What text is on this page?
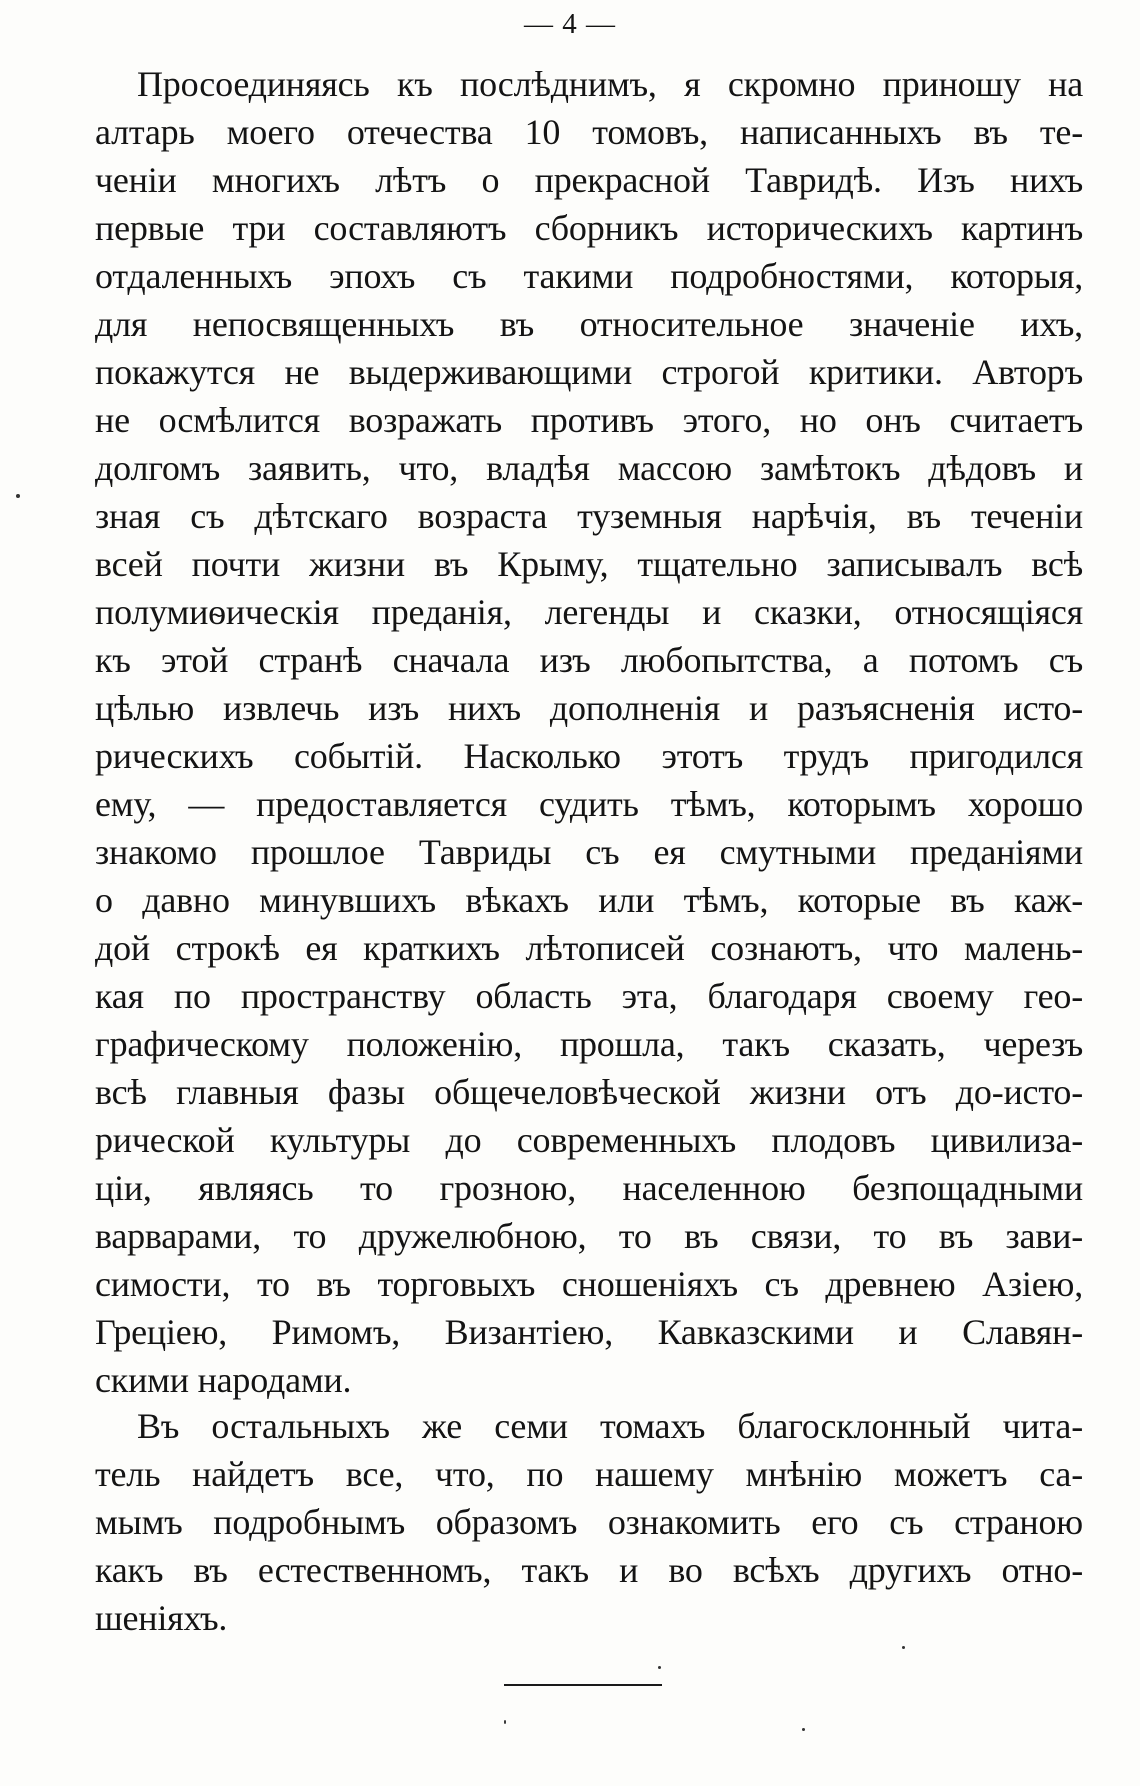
— 4 —
Просоединяясь къ послѣднимъ, я скромно приношу на
алтарь моего отечества 10 томовъ, написанныхъ въ те-
ченіи многихъ лѣтъ о прекрасной Тавридѣ. Изъ нихъ
первые три составляютъ сборникъ историческихъ картинъ
отдаленныхъ эпохъ съ такими подробностями, которыя,
для непосвященныхъ въ относительное значеніе ихъ,
покажутся не выдерживающими строгой критики. Авторъ
не осмѣлится возражать противъ этого, но онъ считаетъ
долгомъ заявить, что, владѣя массою замѣтокъ дѣдовъ и
зная съ дѣтскаго возраста туземныя нарѣчія, въ теченіи
всей почти жизни въ Крыму, тщательно записывалъ всѣ
полумиѳическія преданія, легенды и сказки, относящіяся
къ этой странѣ сначала изъ любопытства, а потомъ съ
цѣлью извлечь изъ нихъ дополненія и разъясненія исто-
рическихъ событій. Насколько этотъ трудъ пригодился
ему, — предоставляется судить тѣмъ, которымъ хорошо
знакомо прошлое Тавриды съ ея смутными преданіями
о давно минувшихъ вѣкахъ или тѣмъ, которые въ каж-
дой строкѣ ея краткихъ лѣтописей сознаютъ, что малень-
кая по пространству область эта, благодаря своему гео-
графическому положенію, прошла, такъ сказать, черезъ
всѣ главныя фазы общечеловѣческой жизни отъ до-исто-
рической культуры до современныхъ плодовъ цивилиза-
ціи, являясь то грозною, населенною безпощадными
варварами, то дружелюбною, то въ связи, то въ зави-
симости, то въ торговыхъ сношеніяхъ съ древнею Азіею,
Греціею, Римомъ, Византіею, Кавказскими и Славян-
скими народами.
Въ остальныхъ же семи томахъ благосклонный чита-
тель найдетъ все, что, по нашему мнѣнію можетъ са-
мымъ подробнымъ образомъ ознакомить его съ страною
какъ въ естественномъ, такъ и во всѣхъ другихъ отно-
шеніяхъ.
